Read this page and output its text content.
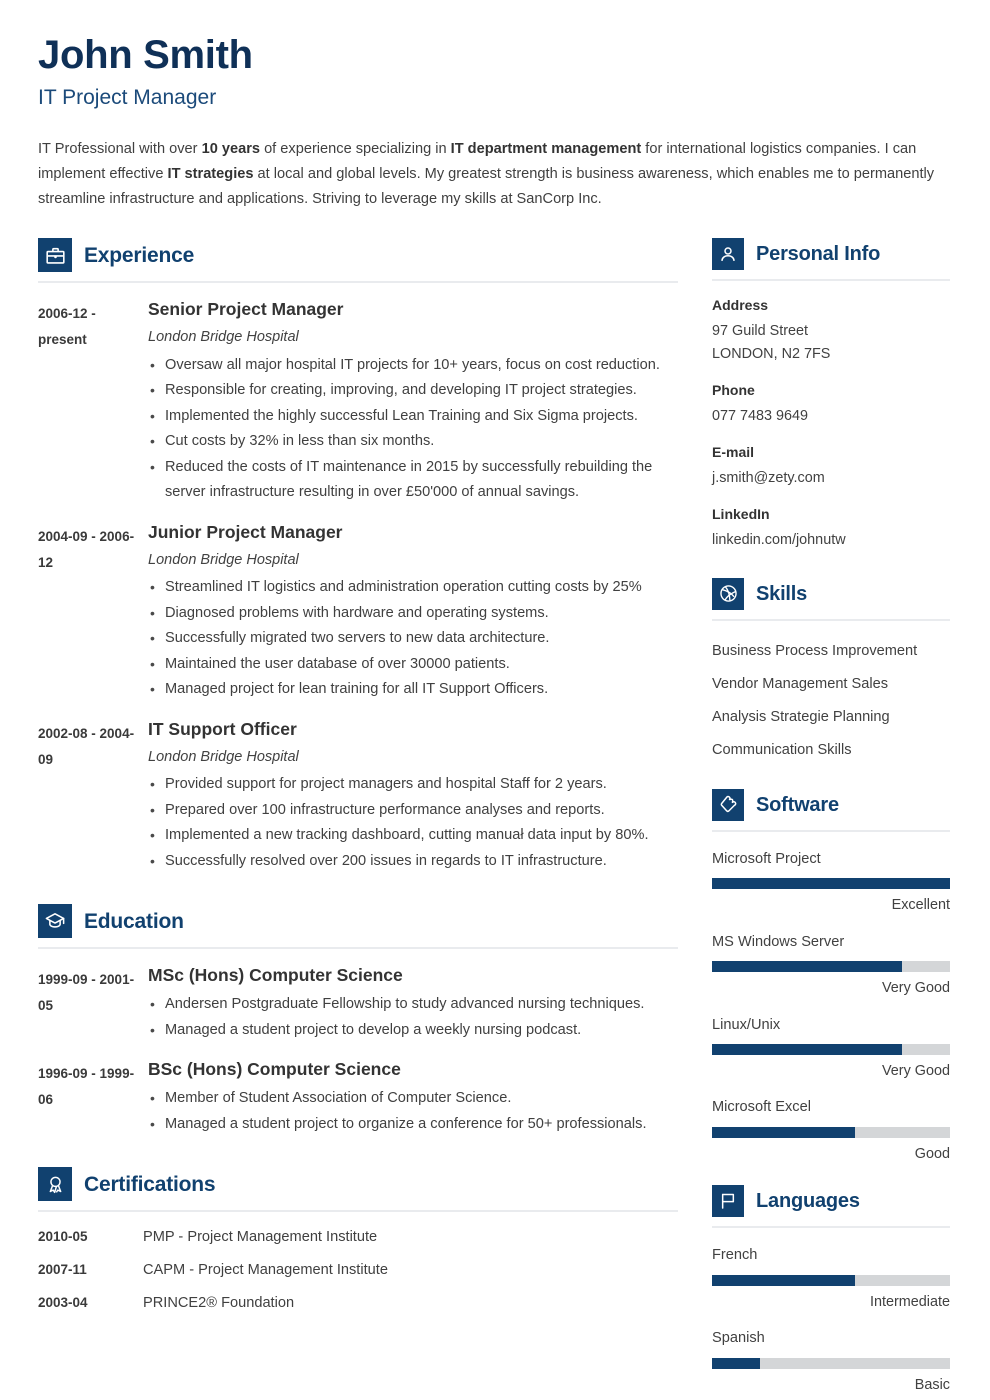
John Smith
IT Project Manager

IT Professional with over 10 years of experience specializing in IT department management for international logistics companies. I can implement effective IT strategies at local and global levels. My greatest strength is business awareness, which enables me to permanently streamline infrastructure and applications. Striving to leverage my skills at SanCorp Inc.

Experience
2006-12 - present
Senior Project Manager
London Bridge Hospital
• Oversaw all major hospital IT projects for 10+ years, focus on cost reduction.
• Responsible for creating, improving, and developing IT project strategies.
• Implemented the highly successful Lean Training and Six Sigma projects.
• Cut costs by 32% in less than six months.
• Reduced the costs of IT maintenance in 2015 by successfully rebuilding the server infrastructure resulting in over £50'000 of annual savings.
2004-09 - 2006-12
Junior Project Manager
London Bridge Hospital
• Streamlined IT logistics and administration operation cutting costs by 25%
• Diagnosed problems with hardware and operating systems.
• Successfully migrated two servers to new data architecture.
• Maintained the user database of over 30000 patients.
• Managed project for lean training for all IT Support Officers.
2002-08 - 2004-09
IT Support Officer
London Bridge Hospital
• Provided support for project managers and hospital Staff for 2 years.
• Prepared over 100 infrastructure performance analyses and reports.
• Implemented a new tracking dashboard, cutting manuał data input by 80%.
• Successfully resolved over 200 issues in regards to IT infrastructure.
Education
1999-09 - 2001-05
MSc (Hons) Computer Science
• Andersen Postgraduate Fellowship to study advanced nursing techniques.
• Managed a student project to develop a weekly nursing podcast.
1996-09 - 1999-06
BSc (Hons) Computer Science
• Member of Student Association of Computer Science.
• Managed a student project to organize a conference for 50+ professionals.
Certifications
2010-05	PMP - Project Management Institute
2007-11	CAPM - Project Management Institute
2003-04	PRINCE2® Foundation
Personal Info
Address
97 Guild Street
LONDON, N2 7FS
Phone
077 7483 9649
E-mail
j.smith@zety.com
LinkedIn
linkedin.com/johnutw
Skills
Business Process Improvement
Vendor Management Sales
Analysis Strategie Planning
Communication Skills
Software
Microsoft Project
Excellent
MS Windows Server
Very Good
Linux/Unix
Very Good
Microsoft Excel
Good
Languages
French
Intermediate
Spanish
Basic
